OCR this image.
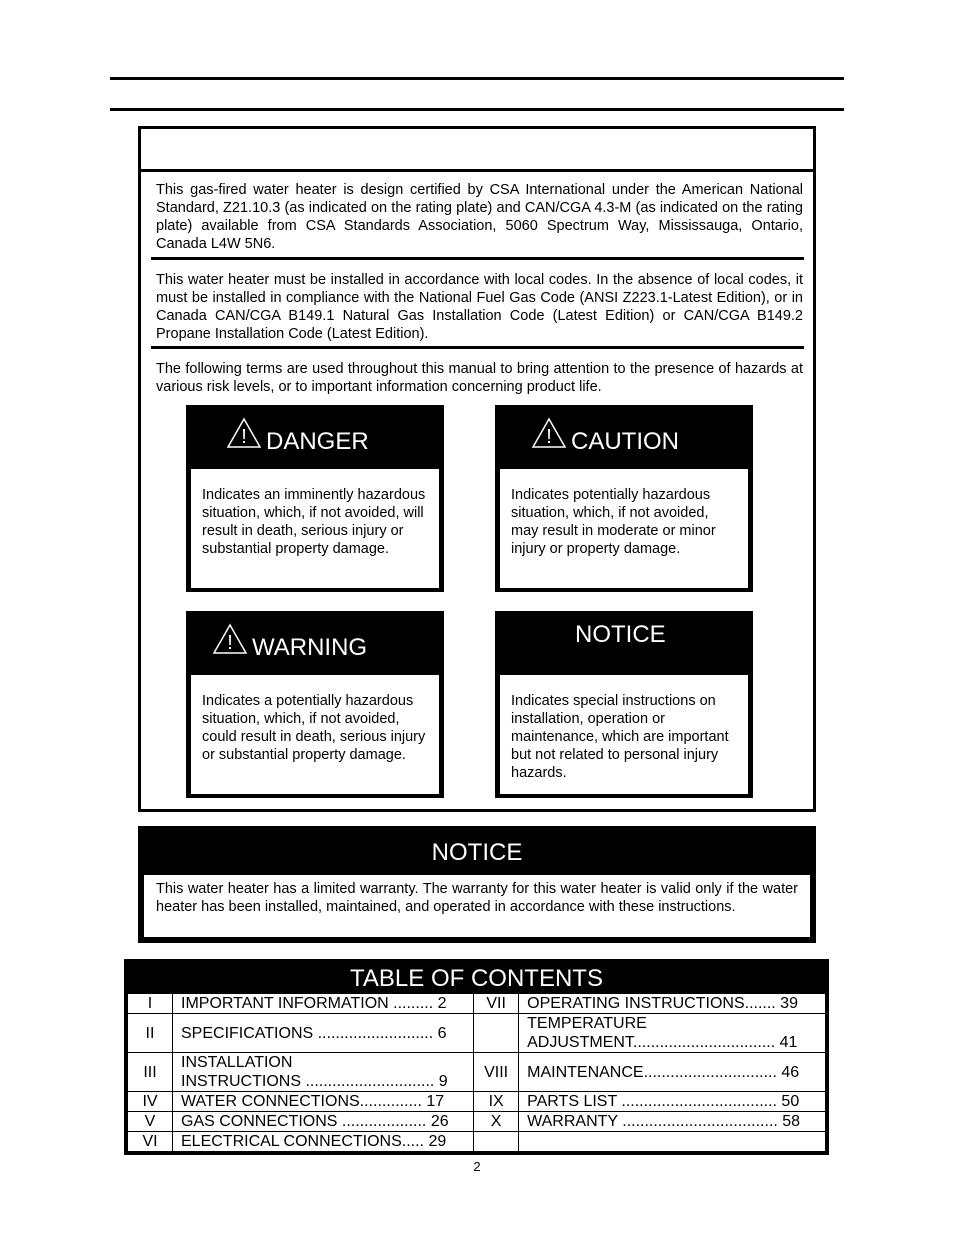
This gas-fired water heater is design certified by CSA International under the American National Standard, Z21.10.3 (as indicated on the rating plate) and CAN/CGA 4.3-M (as indicated on the rating plate) available from CSA Standards Association, 5060 Spectrum Way, Mississauga, Ontario, Canada L4W 5N6.
This water heater must be installed in accordance with local codes. In the absence of local codes, it must be installed in compliance with the National Fuel Gas Code (ANSI Z223.1-Latest Edition), or in Canada CAN/CGA B149.1 Natural Gas Installation Code (Latest Edition) or CAN/CGA B149.2 Propane Installation Code (Latest Edition).
The following terms are used throughout this manual to bring attention to the presence of hazards at various risk levels, or to important information concerning product life.
! DANGER
Indicates an imminently hazardous situation, which, if not avoided, will result in death, serious injury or substantial property damage.
! CAUTION
Indicates potentially hazardous situation, which, if not avoided, may result in moderate or minor injury or property damage.
! WARNING
Indicates a potentially hazardous situation, which, if not avoided, could result in death, serious injury or substantial property damage.
NOTICE
Indicates special instructions on installation, operation or maintenance, which are important but not related to personal injury hazards.
NOTICE
This water heater has a limited warranty. The warranty for this water heater is valid only if the water heater has been installed, maintained, and operated in accordance with these instructions.
TABLE OF CONTENTS
I	IMPORTANT INFORMATION ......... 2	VII	OPERATING INSTRUCTIONS....... 39

II	SPECIFICATIONS .......................... 6		TEMPERATURE
ADJUSTMENT................................ 41

III	INSTALLATION
INSTRUCTIONS ............................. 9	VIII	MAINTENANCE.............................. 46

IV	WATER CONNECTIONS.............. 17	IX	PARTS LIST ................................... 50

V	GAS CONNECTIONS ................... 26	X	WARRANTY ................................... 58

VI	ELECTRICAL CONNECTIONS..... 29		

2
